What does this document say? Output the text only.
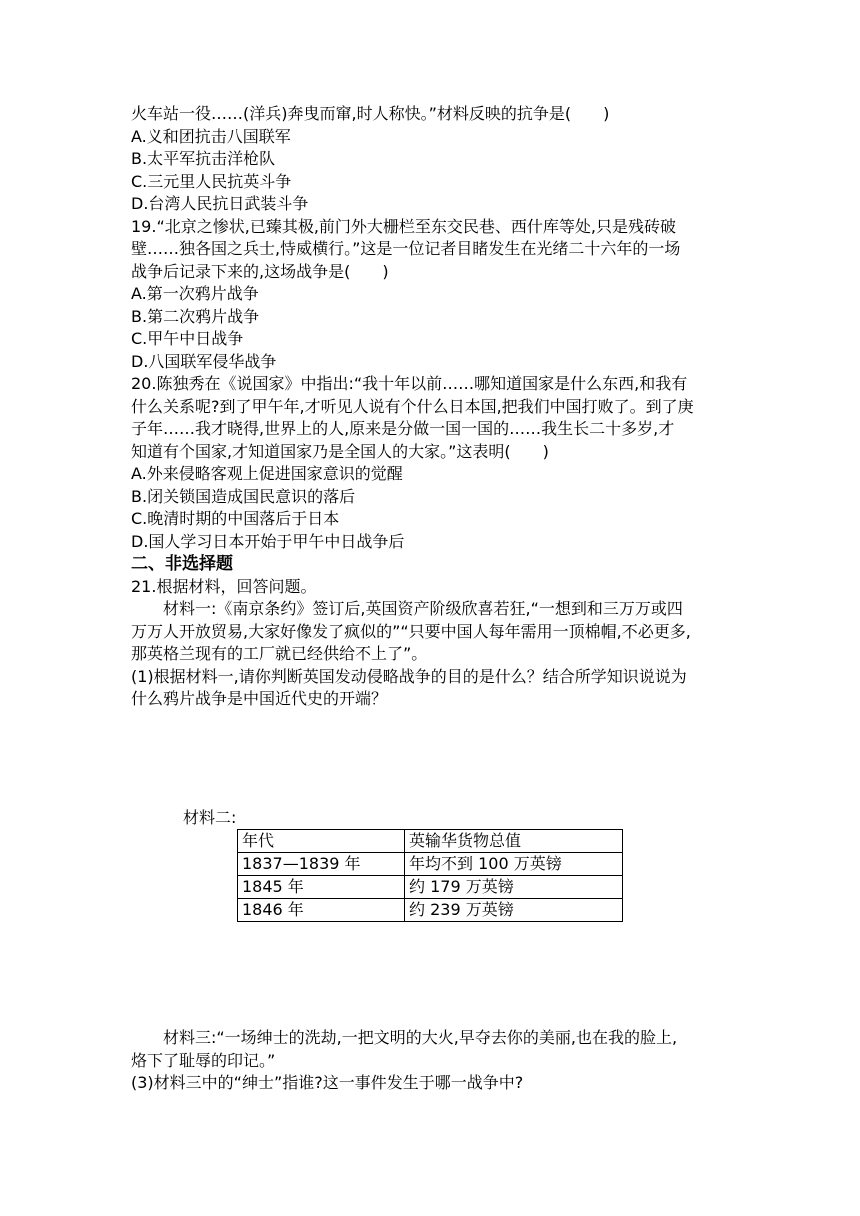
火车站一役……(洋兵)奔曳而窜,时人称快。”材料反映的抗争是(　　)
A.义和团抗击八国联军
B.太平军抗击洋枪队
C.三元里人民抗英斗争
D.台湾人民抗日武装斗争
19.“北京之惨状,已臻其极,前门外大栅栏至东交民巷、西什库等处,只是残砖破
壁……独各国之兵士,恃威横行。”这是一位记者目睹发生在光绪二十六年的一场
战争后记录下来的,这场战争是(　　)
A.第一次鸦片战争
B.第二次鸦片战争
C.甲午中日战争
D.八国联军侵华战争
20.陈独秀在《说国家》中指出:“我十年以前……哪知道国家是什么东西,和我有
什么关系呢?到了甲午年,才听见人说有个什么日本国,把我们中国打败了。到了庚
子年……我才晓得,世界上的人,原来是分做一国一国的……我生长二十多岁,才
知道有个国家,才知道国家乃是全国人的大家。”这表明(　　)
A.外来侵略客观上促进国家意识的觉醒
B.闭关锁国造成国民意识的落后
C.晚清时期的中国落后于日本
D.国人学习日本开始于甲午中日战争后
二、非选择题
21.根据材料，回答问题。
材料一:《南京条约》签订后,英国资产阶级欣喜若狂,“一想到和三万万或四
万万人开放贸易,大家好像发了疯似的”“只要中国人每年需用一顶棉帽,不必更多,
那英格兰现有的工厂就已经供给不上了”。
(1)根据材料一,请你判断英国发动侵略战争的目的是什么？结合所学知识说说为
什么鸦片战争是中国近代史的开端？
材料二:
年代	英输华货物总值
1837—1839 年	年均不到 100 万英镑
1845 年	约 179 万英镑
1846 年	约 239 万英镑
材料三:“一场绅士的洗劫,一把文明的大火,早夺去你的美丽,也在我的脸上,
烙下了耻辱的印记。”
(3)材料三中的“绅士”指谁?这一事件发生于哪一战争中?
